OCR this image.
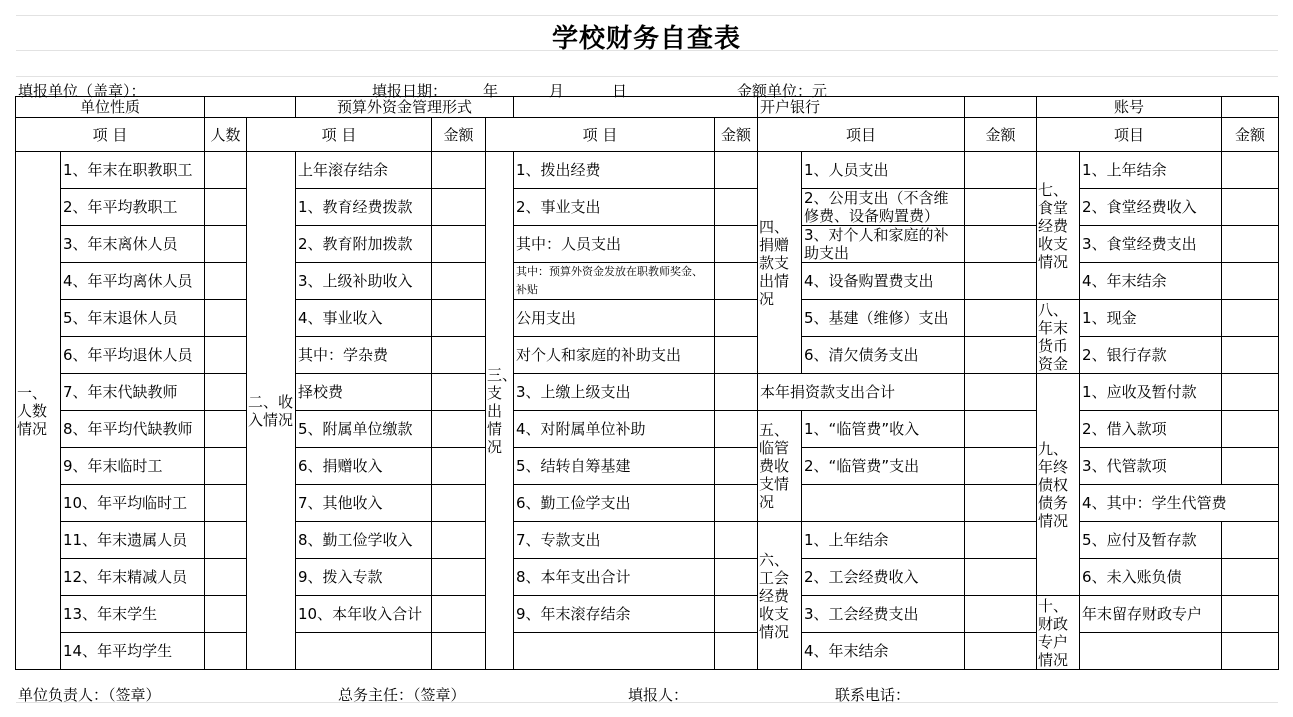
学校财务自查表
填报单位（盖章）：	填报日期： 年	月	日	金额单位：元
单位性质				预算外资金管理形式					开户银行			账号		
项 目		人数	项 目		金额	项 目		金额	项目		金额	项目		金额
一、人数情况	1、年末在职教职工		二、收入情况	上年滚存结余		三、支出情况	1、拨出经费		四、捐赠款支出情况	1、人员支出		七、食堂经费收支情况	1、上年结余	
	2、年平均教职工			1、教育经费拨款			2、事业支出			2、公用支出（不含维修费、设备购置费）			2、食堂经费收入	
	3、年末离休人员			2、教育附加拨款			其中：人员支出			3、对个人和家庭的补助支出			3、食堂经费支出	
	4、年平均离休人员			3、上级补助收入			其中：预算外资金发放在职教师奖金、补贴			4、设备购置费支出			4、年末结余	
	5、年末退休人员			4、事业收入			公用支出			5、基建（维修）支出		八、年末货币资金	1、现金	
	6、年平均退休人员			其中：学杂费			对个人和家庭的补助支出			6、清欠债务支出			2、银行存款	
	7、年末代缺教师			择校费			3、上缴上级支出		本年捐资款支出合计			九、年终债权债务情况	1、应收及暂付款	
	8、年平均代缺教师			5、附属单位缴款			4、对附属单位补助		五、临管费收支情况	1、“临管费”收入			2、借入款项	
	9、年末临时工			6、捐赠收入			5、结转自筹基建			2、“临管费”支出			3、代管款项	
	10、年平均临时工			7、其他收入			6、勤工俭学支出						4、其中：学生代管费	
	11、年末遗属人员			8、勤工俭学收入			7、专款支出		六、工会经费收支情况	1、上年结余			5、应付及暂存款	
	12、年末精减人员			9、拨入专款			8、本年支出合计			2、工会经费收入			6、未入账负债	
	13、年末学生			10、本年收入合计			9、年末滚存结余			3、工会经费支出		十、财政专户情况	年末留存财政专户	
	14、年平均学生									4、年末结余				
单位负责人：（签章）	总务主任：（签章）	填报人：	联系电话：
